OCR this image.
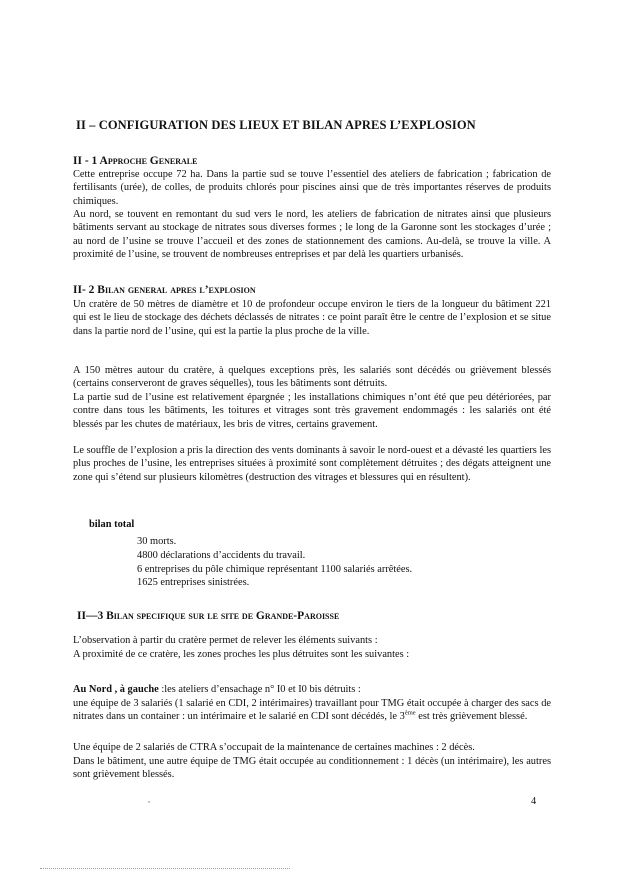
II – CONFIGURATION DES LIEUX ET BILAN APRES L’EXPLOSION
II - 1 Approche Generale

Cette entreprise occupe 72 ha. Dans la partie sud se touve l’essentiel des ateliers de fabrication ; fabrication de fertilisants (urée), de colles, de produits chlorés pour piscines ainsi que de très importantes réserves de produits chimiques.

Au nord, se touvent en remontant du sud vers le nord, les ateliers de fabrication de nitrates ainsi que plusieurs bâtiments servant au stockage de nitrates sous diverses formes ; le long de la Garonne sont les stockages d’urée ; au nord de l’usine se trouve l’accueil et des zones de stationnement des camions. Au-delà, se trouve la ville. A proximité de l’usine, se trouvent de nombreuses entreprises et par delà les quartiers urbanisés.

II- 2 Bilan general apres l’explosion

Un cratère de 50 mètres de diamètre et 10 de profondeur occupe environ le tiers de la longueur du bâtiment 221 qui est le lieu de stockage des déchets déclassés de nitrates : ce point paraît être le centre de l’explosion et se situe dans la partie nord de l’usine, qui est la partie la plus proche de la ville.

A 150 mètres autour du cratère, à quelques exceptions près, les salariés sont décédés ou grièvement blessés (certains conserveront de graves séquelles), tous les bâtiments sont détruits.

La partie sud de l’usine est relativement épargnée ; les installations chimiques n’ont été que peu détériorées, par contre dans tous les bâtiments, les toitures et vitrages sont très gravement endommagés : les salariés ont été blessés par les chutes de matériaux, les bris de vitres, certains gravement.

Le souffle de l’explosion a pris la direction des vents dominants à savoir le nord-ouest et a dévasté les quartiers les plus proches de l’usine, les entreprises situées à proximité sont complètement détruites ; des dégats atteignent une zone qui s’étend sur plusieurs kilomètres (destruction des vitrages et blessures qui en résultent).

bilan total
30 morts.
4800 déclarations d’accidents du travail.
6 entreprises du pôle chimique représentant 1100 salariés arrêtées.
1625 entreprises sinistrées.
II—3 Bilan specifique sur le site de Grande-Paroisse
L’observation à partir du cratère permet de relever les éléments suivants :
A proximité de ce cratère, les zones proches les plus détruites sont les suivantes :
Au Nord , à gauche :les ateliers d’ensachage n° I0 et I0 bis détruits :

une équipe de 3 salariés (1 salarié en CDI, 2 intérimaires) travaillant pour TMG était occupée à charger des sacs de nitrates dans un container : un intérimaire et le salarié en CDI sont décédés, le 3ème est très grièvement blessé.

Une équipe de 2 salariés de CTRA s’occupait de la maintenance de certaines machines : 2 décès.

Dans le bâtiment, une autre équipe de TMG était occupée au conditionnement : 1 décès (un intérimaire), les autres sont grièvement blessés.

4
